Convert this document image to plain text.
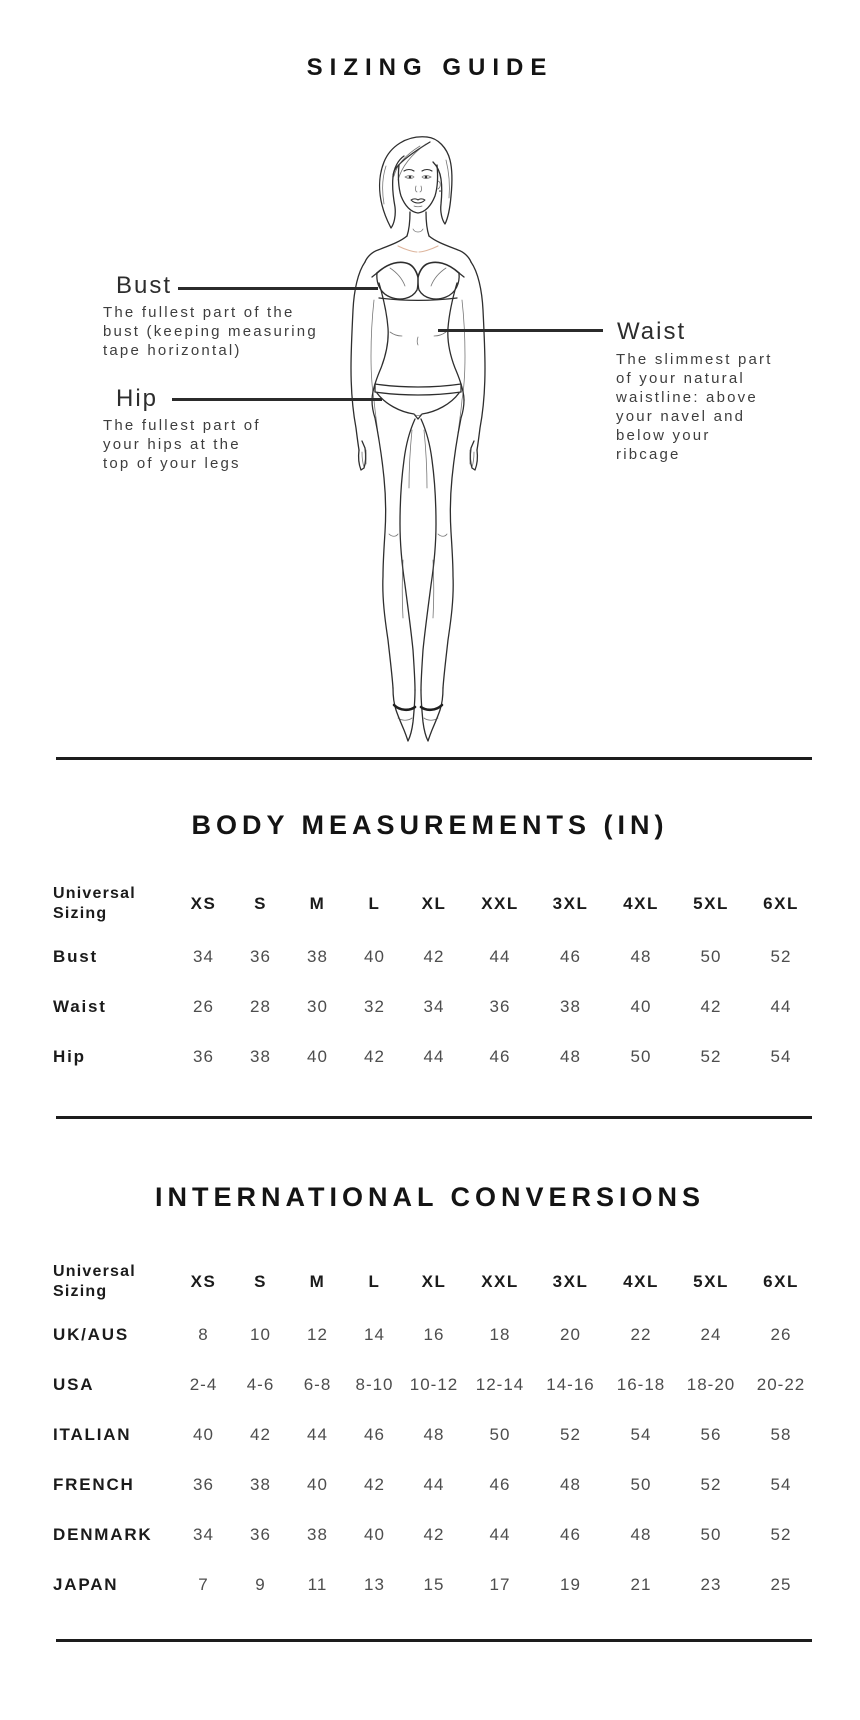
SIZING GUIDE
Bust
The fullest part of the
bust (keeping measuring
tape horizontal)
Waist
The slimmest part
of your natural
waistline: above
your navel and
below your
ribcage
Hip
The fullest part of
your hips at the
top of your legs
BODY MEASUREMENTS (IN)
Universal
Sizing	XS	S	M	L	XL	XXL	3XL	4XL	5XL	6XL
Bust	34	36	38	40	42	44	46	48	50	52
Waist	26	28	30	32	34	36	38	40	42	44
Hip	36	38	40	42	44	46	48	50	52	54
INTERNATIONAL CONVERSIONS
Universal
Sizing	XS	S	M	L	XL	XXL	3XL	4XL	5XL	6XL
UK/AUS	8	10	12	14	16	18	20	22	24	26
USA	2-4	4-6	6-8	8-10	10-12	12-14	14-16	16-18	18-20	20-22
ITALIAN	40	42	44	46	48	50	52	54	56	58
FRENCH	36	38	40	42	44	46	48	50	52	54
DENMARK	34	36	38	40	42	44	46	48	50	52
JAPAN	7	9	11	13	15	17	19	21	23	25
